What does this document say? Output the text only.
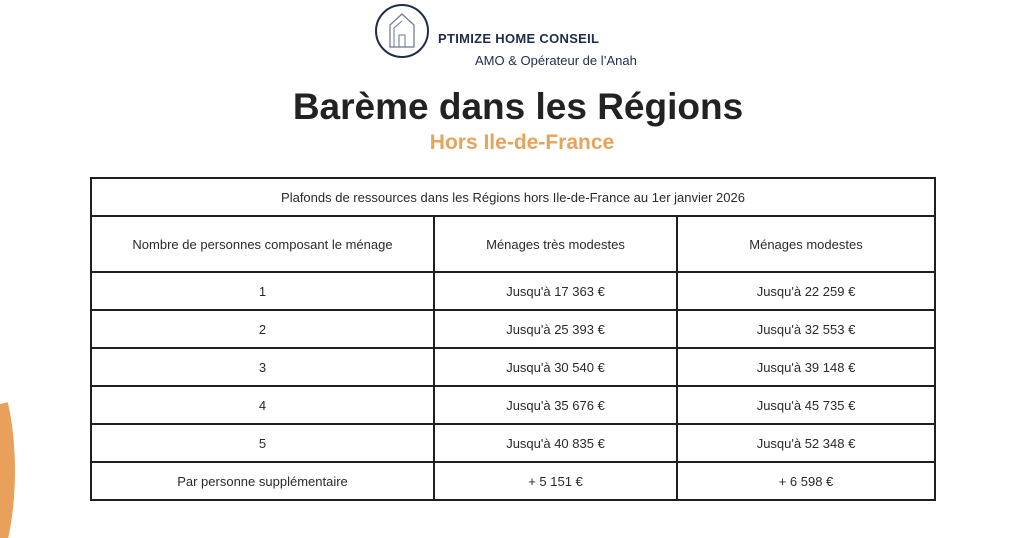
PTIMIZE HOME CONSEIL
AMO & Opérateur de l’Anah
Barème dans les Régions
Hors Ile-de-France
Plafonds de ressources dans les Régions hors Ile-de-France au 1er janvier 2026		
Nombre de personnes composant le ménage	Ménages très modestes	Ménages modestes
1	Jusqu'à 17 363 €	Jusqu'à 22 259 €
2	Jusqu'à 25 393 €	Jusqu'à 32 553 €
3	Jusqu'à 30 540 €	Jusqu'à 39 148 €
4	Jusqu'à 35 676 €	Jusqu'à 45 735 €
5	Jusqu'à 40 835 €	Jusqu'à 52 348 €
Par personne supplémentaire	+ 5 151 €	+ 6 598 €
